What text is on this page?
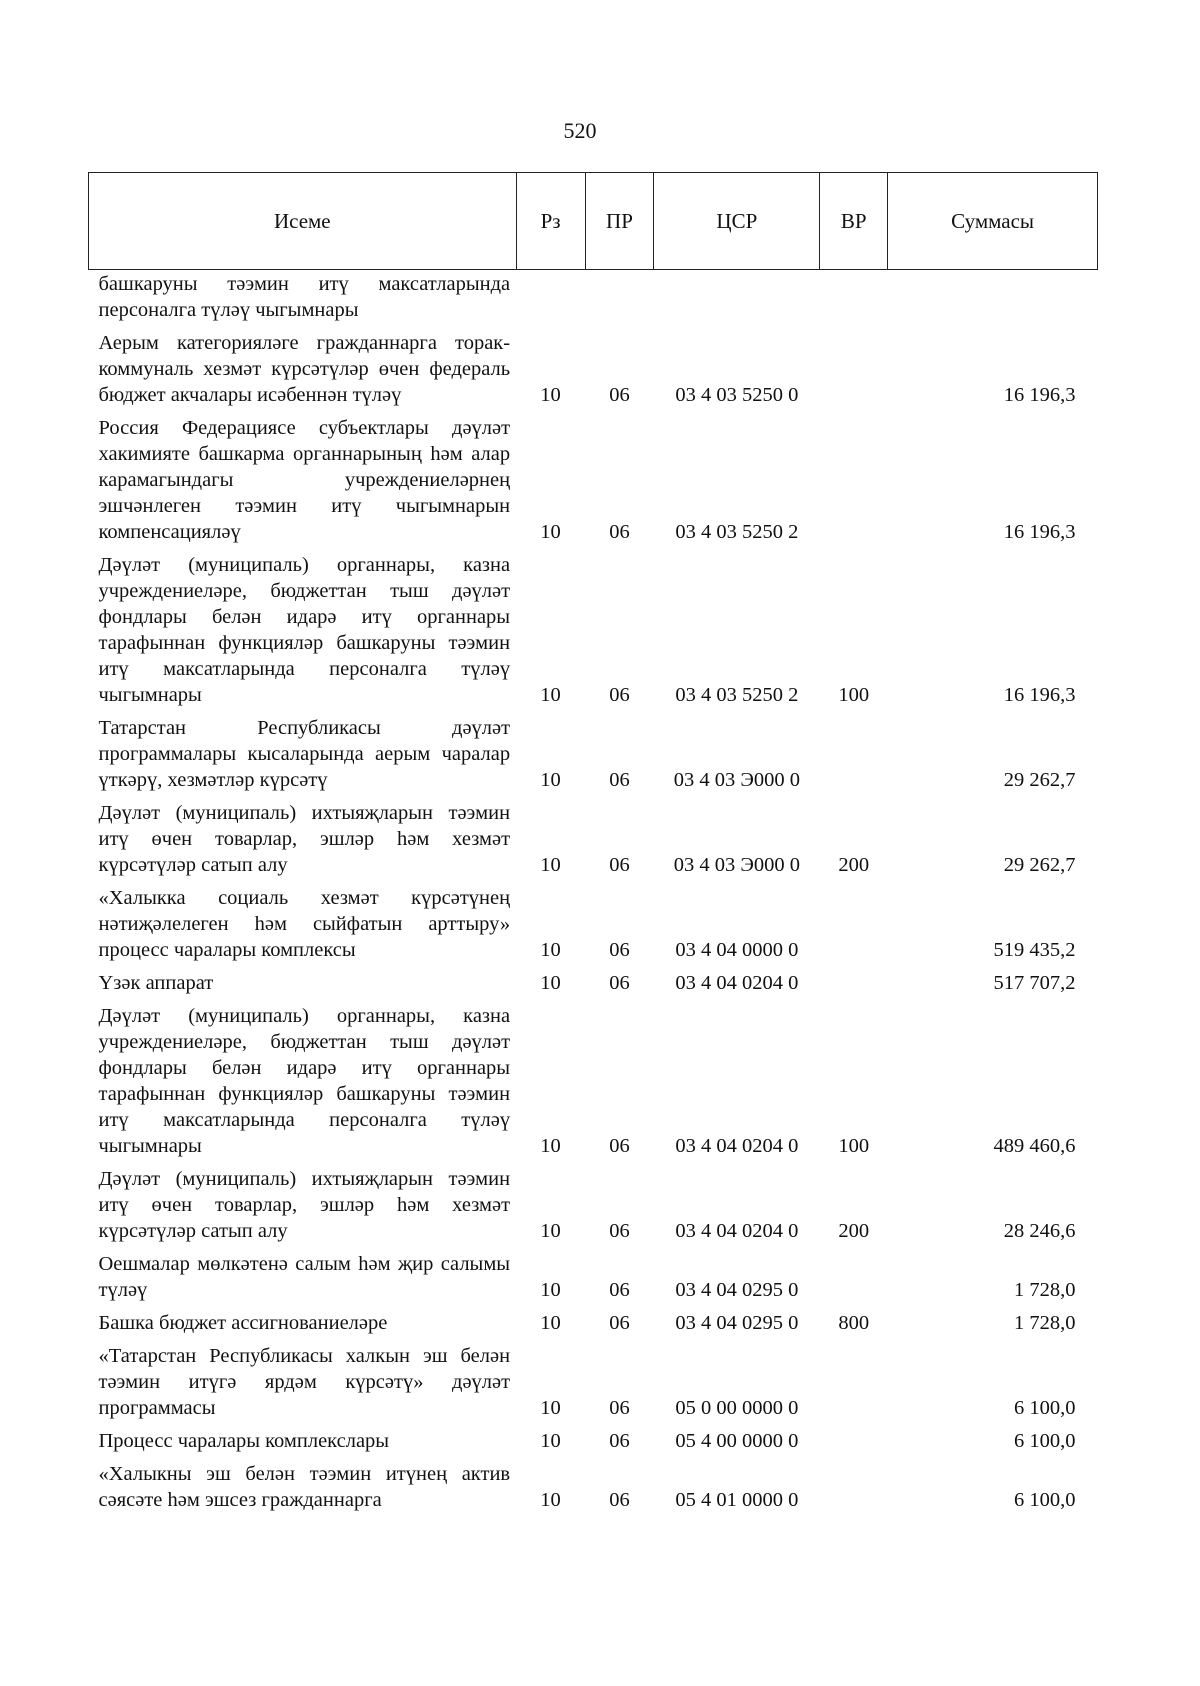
520
Исеме	Рз	ПР	ЦСР	ВР	Суммасы

башкаруны тәэмин итү максатларында персоналга түләү чыгымнары					

Аерым категорияләге гражданнарга торак-коммуналь хезмәт күрсәтүләр өчен федераль бюджет акчалары исәбеннән түләү	10	06	03 4 03 5250 0		16 196,3

Россия Федерациясе субъектлары дәүләт хакимияте башкарма органнарының һәм алар карамагындагы учреждениеләрнең эшчәнлеген тәэмин итү чыгымнарын компенсацияләү	10	06	03 4 03 5250 2		16 196,3

Дәүләт (муниципаль) органнары, казна учреждениеләре, бюджеттан тыш дәүләт фондлары белән идарә итү органнары тарафыннан функцияләр башкаруны тәэмин итү максатларында персоналга түләү чыгымнары	10	06	03 4 03 5250 2	100	16 196,3

Татарстан Республикасы дәүләт программалары кысаларында аерым чаралар үткәрү, хезмәтләр күрсәтү	10	06	03 4 03 Э000 0		29 262,7

Дәүләт (муниципаль) ихтыяҗларын тәэмин итү өчен товарлар, эшләр һәм хезмәт күрсәтүләр сатып алу	10	06	03 4 03 Э000 0	200	29 262,7

«Халыкка социаль хезмәт күрсәтүнең нәтиҗәлелеген һәм сыйфатын арттыру» процесс чаралары комплексы	10	06	03 4 04 0000 0		519 435,2

Үзәк аппарат	10	06	03 4 04 0204 0		517 707,2

Дәүләт (муниципаль) органнары, казна учреждениеләре, бюджеттан тыш дәүләт фондлары белән идарә итү органнары тарафыннан функцияләр башкаруны тәэмин итү максатларында персоналга түләү чыгымнары	10	06	03 4 04 0204 0	100	489 460,6

Дәүләт (муниципаль) ихтыяҗларын тәэмин итү өчен товарлар, эшләр һәм хезмәт күрсәтүләр сатып алу	10	06	03 4 04 0204 0	200	28 246,6

Оешмалар мөлкәтенә салым һәм җир салымы түләү	10	06	03 4 04 0295 0		1 728,0

Башка бюджет ассигнованиеләре	10	06	03 4 04 0295 0	800	1 728,0

«Татарстан Республикасы халкын эш белән тәэмин итүгә ярдәм күрсәтү» дәүләт программасы	10	06	05 0 00 0000 0		6 100,0

Процесс чаралары комплекслары	10	06	05 4 00 0000 0		6 100,0

«Халыкны эш белән тәэмин итүнең актив сәясәте һәм эшсез гражданнарга	10	06	05 4 01 0000 0		6 100,0
